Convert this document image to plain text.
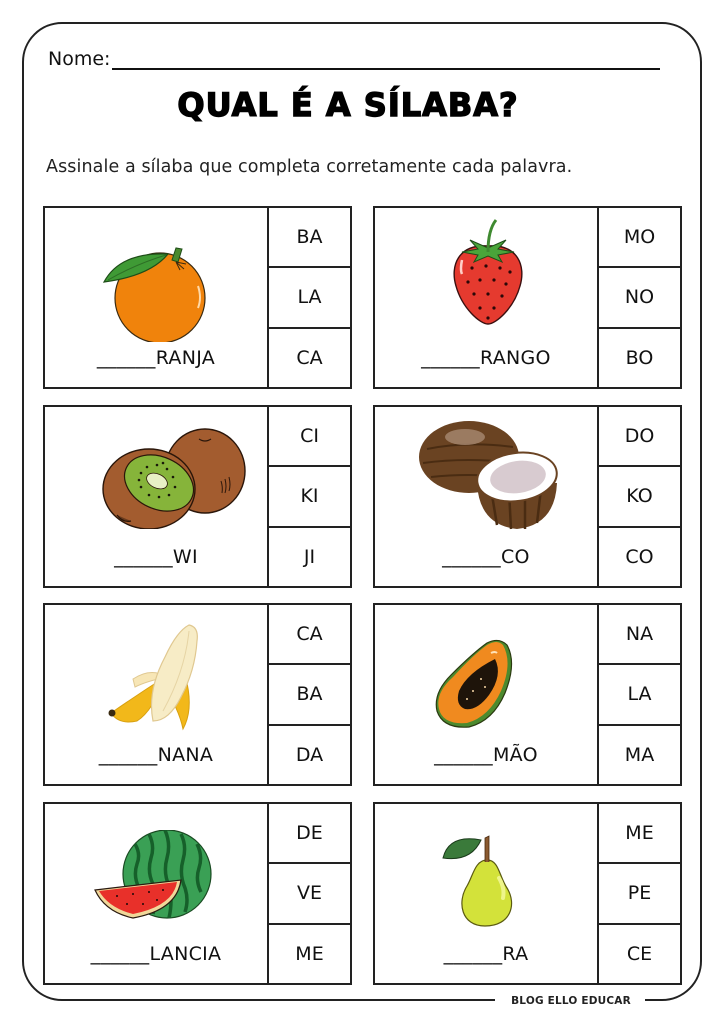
BLOG ELLO EDUCAR
Nome:
QUAL É A SÍLABA?
Assinale a sílaba que completa corretamente cada palavra.
______RANJA
BA
LA
CA	______RANGO
MO
NO
BO
______WI
CI
KI
JI	______CO
DO
KO
CO
______NANA
CA
BA
DA	______MÃO
NA
LA
MA
______LANCIA
DE
VE
ME	______RA
ME
PE
CE
